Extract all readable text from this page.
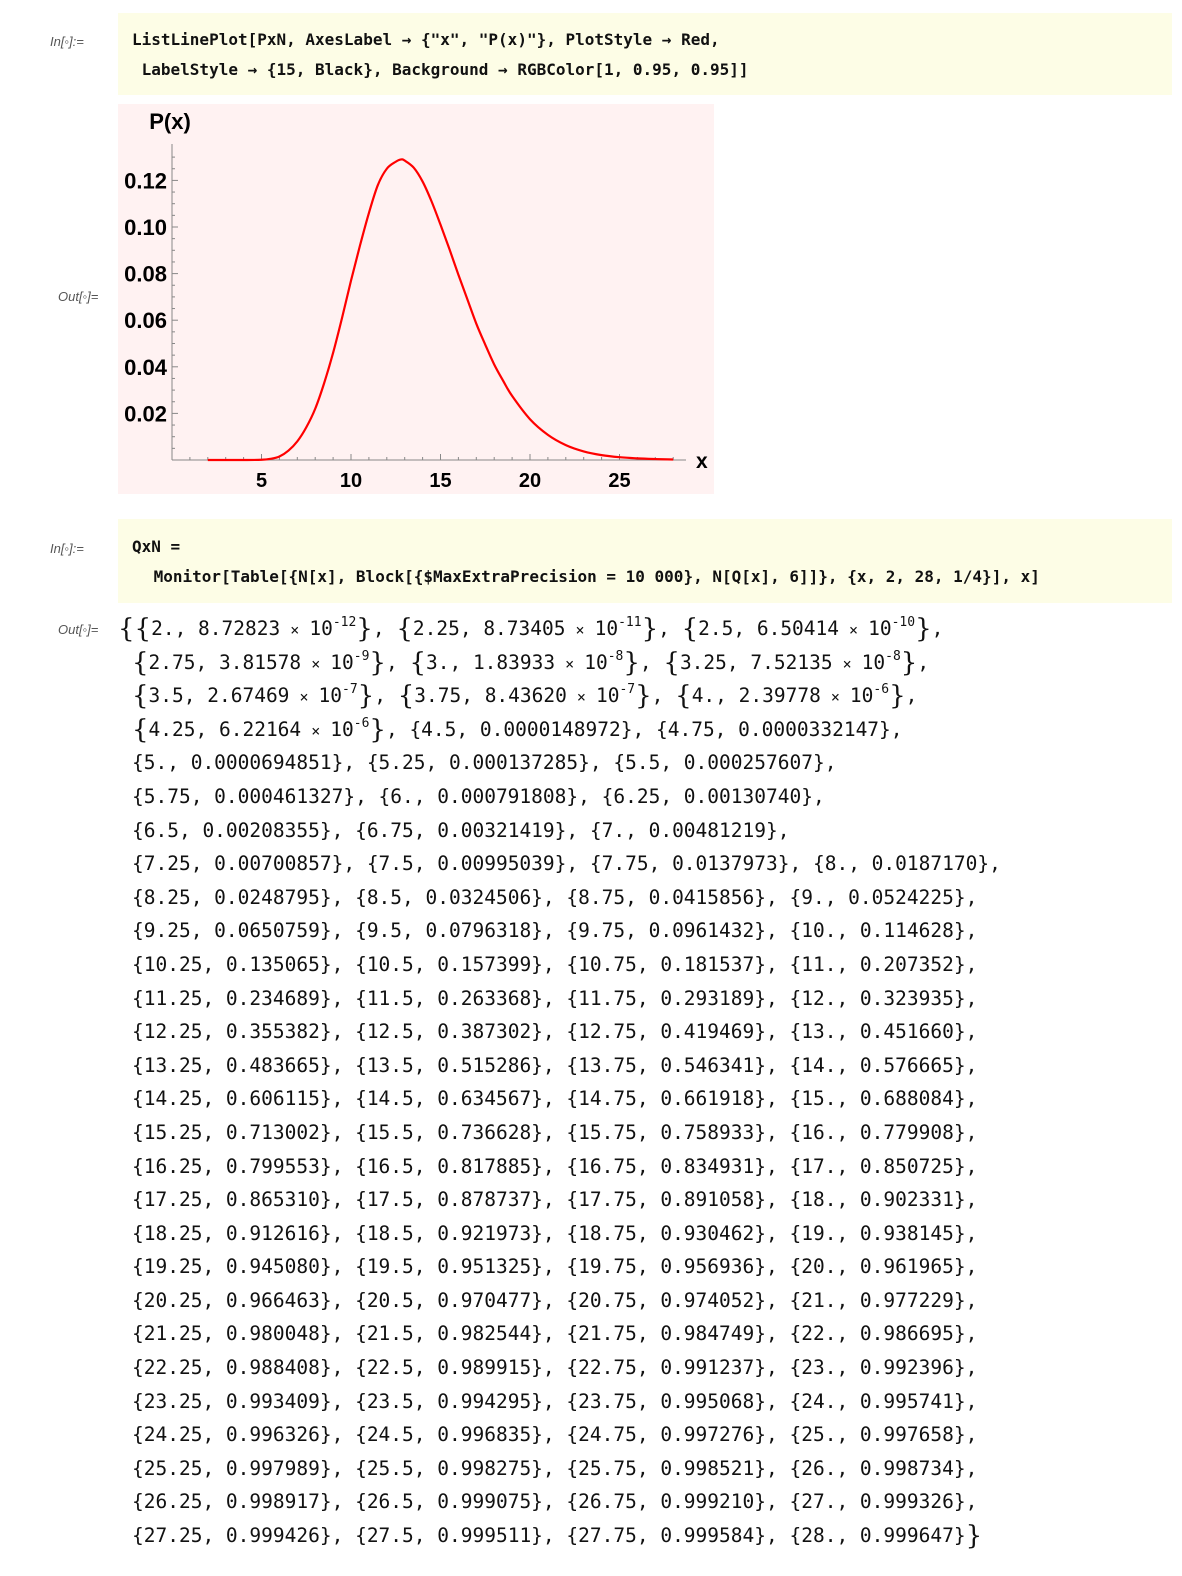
In[◦]:=	ListLinePlot[PxN, AxesLabel → {"x", "P(x)"}, PlotStyle → Red,
LabelStyle → {15, Black}, Background → RGBColor[1, 0.95, 0.95]]
Out[◦]=
5	10	15	20	25
0.02
0.04
0.06
0.08
0.10
0.12
x
P(x)
In[◦]:=	QxN =
Monitor[Table[{N[x], Block[{$MaxExtraPrecision = 10 000}, N[Q[x], 6]]}, {x, 2, 28, 1/4}], x]
Out[◦]= {{2., $8.72823 \times 10^{-12}$}, {2.25, $8.73405 \times 10^{-11}$}, {2.5, $6.50414 \times 10^{-10}$},
{2.75, $3.81578 \times 10^{-9}$}, {3., $1.83933 \times 10^{-8}$}, {3.25, $7.52135 \times 10^{-8}$},
{3.5, $2.67469 \times 10^{-7}$}, {3.75, $8.43620 \times 10^{-7}$}, {4., $2.39778 \times 10^{-6}$},
{4.25, $6.22164 \times 10^{-6}$}, {4.5, 0.0000148972}, {4.75, 0.0000332147},
{5., 0.0000694851}, {5.25, 0.000137285}, {5.5, 0.000257607},
{5.75, 0.000461327}, {6., 0.000791808}, {6.25, 0.00130740},
{6.5, 0.00208355}, {6.75, 0.00321419}, {7., 0.00481219},
{7.25, 0.00700857}, {7.5, 0.00995039}, {7.75, 0.0137973}, {8., 0.0187170},
{8.25, 0.0248795}, {8.5, 0.0324506}, {8.75, 0.0415856}, {9., 0.0524225},
{9.25, 0.0650759}, {9.5, 0.0796318}, {9.75, 0.0961432}, {10., 0.114628},
{10.25, 0.135065}, {10.5, 0.157399}, {10.75, 0.181537}, {11., 0.207352},
{11.25, 0.234689}, {11.5, 0.263368}, {11.75, 0.293189}, {12., 0.323935},
{12.25, 0.355382}, {12.5, 0.387302}, {12.75, 0.419469}, {13., 0.451660},
{13.25, 0.483665}, {13.5, 0.515286}, {13.75, 0.546341}, {14., 0.576665},
{14.25, 0.606115}, {14.5, 0.634567}, {14.75, 0.661918}, {15., 0.688084},
{15.25, 0.713002}, {15.5, 0.736628}, {15.75, 0.758933}, {16., 0.779908},
{16.25, 0.799553}, {16.5, 0.817885}, {16.75, 0.834931}, {17., 0.850725},
{17.25, 0.865310}, {17.5, 0.878737}, {17.75, 0.891058}, {18., 0.902331},
{18.25, 0.912616}, {18.5, 0.921973}, {18.75, 0.930462}, {19., 0.938145},
{19.25, 0.945080}, {19.5, 0.951325}, {19.75, 0.956936}, {20., 0.961965},
{20.25, 0.966463}, {20.5, 0.970477}, {20.75, 0.974052}, {21., 0.977229},
{21.25, 0.980048}, {21.5, 0.982544}, {21.75, 0.984749}, {22., 0.986695},
{22.25, 0.988408}, {22.5, 0.989915}, {22.75, 0.991237}, {23., 0.992396},
{23.25, 0.993409}, {23.5, 0.994295}, {23.75, 0.995068}, {24., 0.995741},
{24.25, 0.996326}, {24.5, 0.996835}, {24.75, 0.997276}, {25., 0.997658},
{25.25, 0.997989}, {25.5, 0.998275}, {25.75, 0.998521}, {26., 0.998734},
{26.25, 0.998917}, {26.5, 0.999075}, {26.75, 0.999210}, {27., 0.999326},
{27.25, 0.999426}, {27.5, 0.999511}, {27.75, 0.999584}, {28., 0.999647}}
